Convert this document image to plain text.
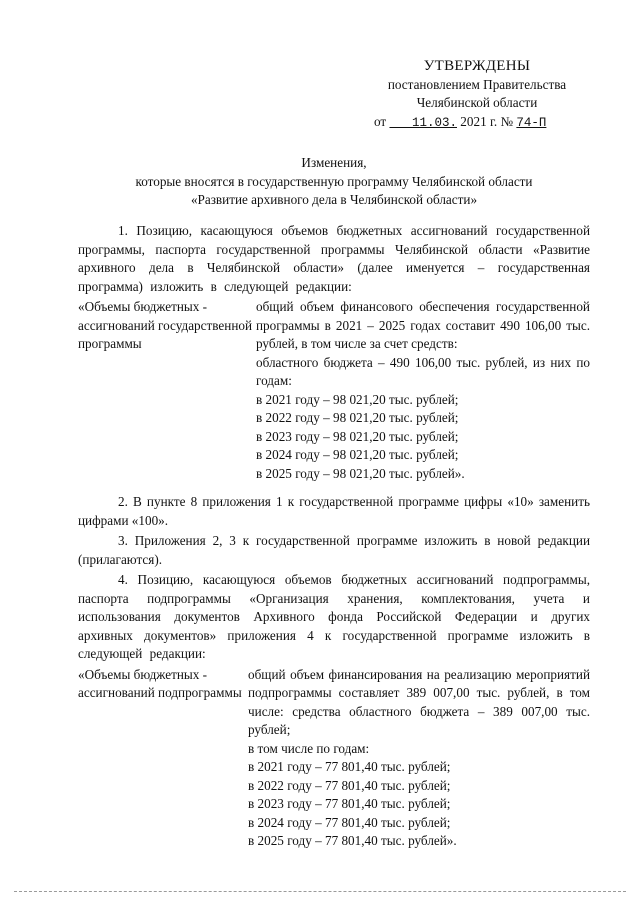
УТВЕРЖДЕНЫ
постановлением Правительства
Челябинской области
от ___11.03. 2021 г. № 74-П
Изменения,
которые вносятся в государственную программу Челябинской области
«Развитие архивного дела в Челябинской области»

1. Позицию, касающуюся объемов бюджетных ассигнований государственной программы, паспорта государственной программы Челябинской области «Развитие архивного дела в Челябинской области» (далее именуется – государственная программа) изложить в следующей редакции:

«Объемы бюджетных - ассигнований государственной программы
общий объем финансового обеспечения государственной программы в 2021 – 2025 годах составит 490 106,00 тыс. рублей, в том числе за счет средств:
областного бюджета – 490 106,00 тыс. рублей, из них по годам:
в 2021 году – 98 021,20 тыс. рублей;
в 2022 году – 98 021,20 тыс. рублей;
в 2023 году – 98 021,20 тыс. рублей;
в 2024 году – 98 021,20 тыс. рублей;
в 2025 году – 98 021,20 тыс. рублей».

2. В пункте 8 приложения 1 к государственной программе цифры «10» заменить цифрами «100».

3. Приложения 2, 3 к государственной программе изложить в новой редакции (прилагаются).

4. Позицию, касающуюся объемов бюджетных ассигнований подпрограммы, паспорта подпрограммы «Организация хранения, комплектования, учета и использования документов Архивного фонда Российской Федерации и других архивных документов» приложения 4 к государственной программе изложить в следующей редакции:

«Объемы бюджетных - ассигнований подпрограммы
общий объем финансирования на реализацию мероприятий подпрограммы составляет 389 007,00 тыс. рублей, в том числе: средства областного бюджета – 389 007,00 тыс. рублей;
в том числе по годам:
в 2021 году – 77 801,40 тыс. рублей;
в 2022 году – 77 801,40 тыс. рублей;
в 2023 году – 77 801,40 тыс. рублей;
в 2024 году – 77 801,40 тыс. рублей;
в 2025 году – 77 801,40 тыс. рублей».
